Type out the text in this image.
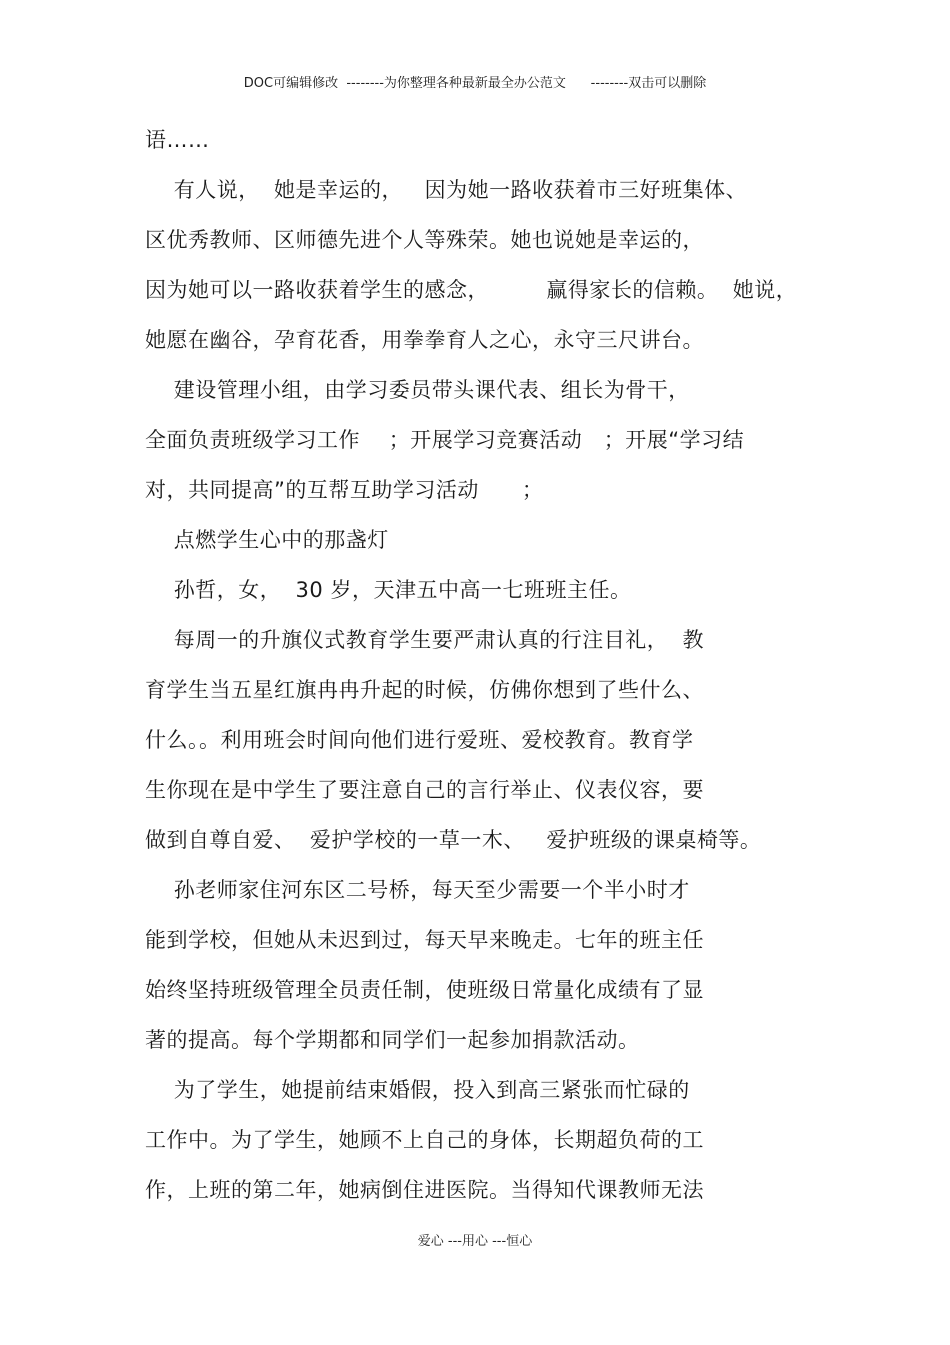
DOC可编辑修改  --------为你整理各种最新最全办公范文      --------双击可以删除
语……
有人说，  她是幸运的，   因为她一路收获着市三好班集体、
区优秀教师、区师德先进个人等殊荣。她也说她是幸运的，
因为她可以一路收获着学生的感念，        赢得家长的信赖。  她说，
她愿在幽谷，孕育花香，用拳拳育人之心，永守三尺讲台。
建设管理小组，由学习委员带头课代表、组长为骨干，
全面负责班级学习工作    ；开展学习竞赛活动   ；开展“学习结
对，共同提高”的互帮互助学习活动      ；
点燃学生心中的那盏灯
孙哲，女，  30 岁，天津五中高一七班班主任。
每周一的升旗仪式教育学生要严肃认真的行注目礼，  教
育学生当五星红旗冉冉升起的时候，仿佛你想到了些什么、
什么。。利用班会时间向他们进行爱班、爱校教育。教育学
生你现在是中学生了要注意自己的言行举止、仪表仪容，要
做到自尊自爱、  爱护学校的一草一木、   爱护班级的课桌椅等。
孙老师家住河东区二号桥，每天至少需要一个半小时才
能到学校，但她从未迟到过，每天早来晚走。七年的班主任
始终坚持班级管理全员责任制，使班级日常量化成绩有了显
著的提高。每个学期都和同学们一起参加捐款活动。
为了学生，她提前结束婚假，投入到高三紧张而忙碌的
工作中。为了学生，她顾不上自己的身体，长期超负荷的工
作，上班的第二年，她病倒住进医院。当得知代课教师无法
爱心 ---用心 ---恒心
